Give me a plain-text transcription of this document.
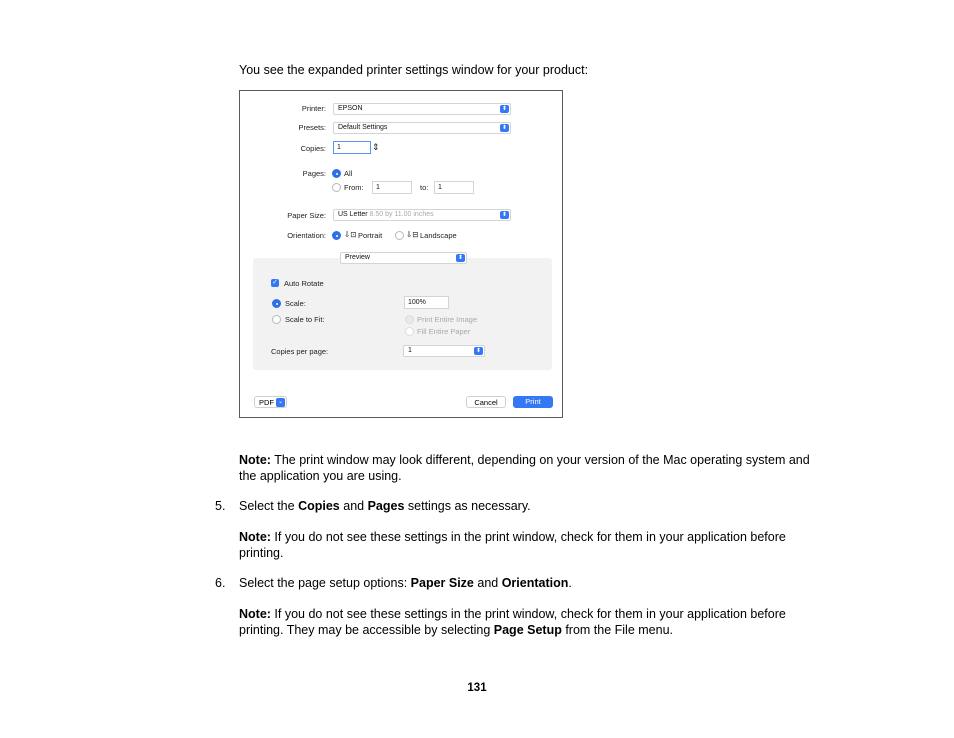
You see the expanded printer settings window for your product:
Printer:	EPSON	⬍
Presets:	Default Settings	⬍
Copies:	1	⇕
Pages: All
From:	1	to:	1
Paper Size:	US Letter 8.50 by 11.00 inches	⬍
Orientation: ⇩⊡ Portrait	⇩⊟ Landscape
Preview	⬍
✓ Auto Rotate
Scale:	100%
Scale to Fit:	Print Entire Image
Fill Entire Paper
Copies per page:	1	⬍
PDF ⌄	Cancel	Print
Note: The print window may look different, depending on your version of the Mac operating system and the application you are using.
5. Select the Copies and Pages settings as necessary.
Note: If you do not see these settings in the print window, check for them in your application before printing.
6. Select the page setup options: Paper Size and Orientation.
Note: If you do not see these settings in the print window, check for them in your application before printing. They may be accessible by selecting Page Setup from the File menu.
131
